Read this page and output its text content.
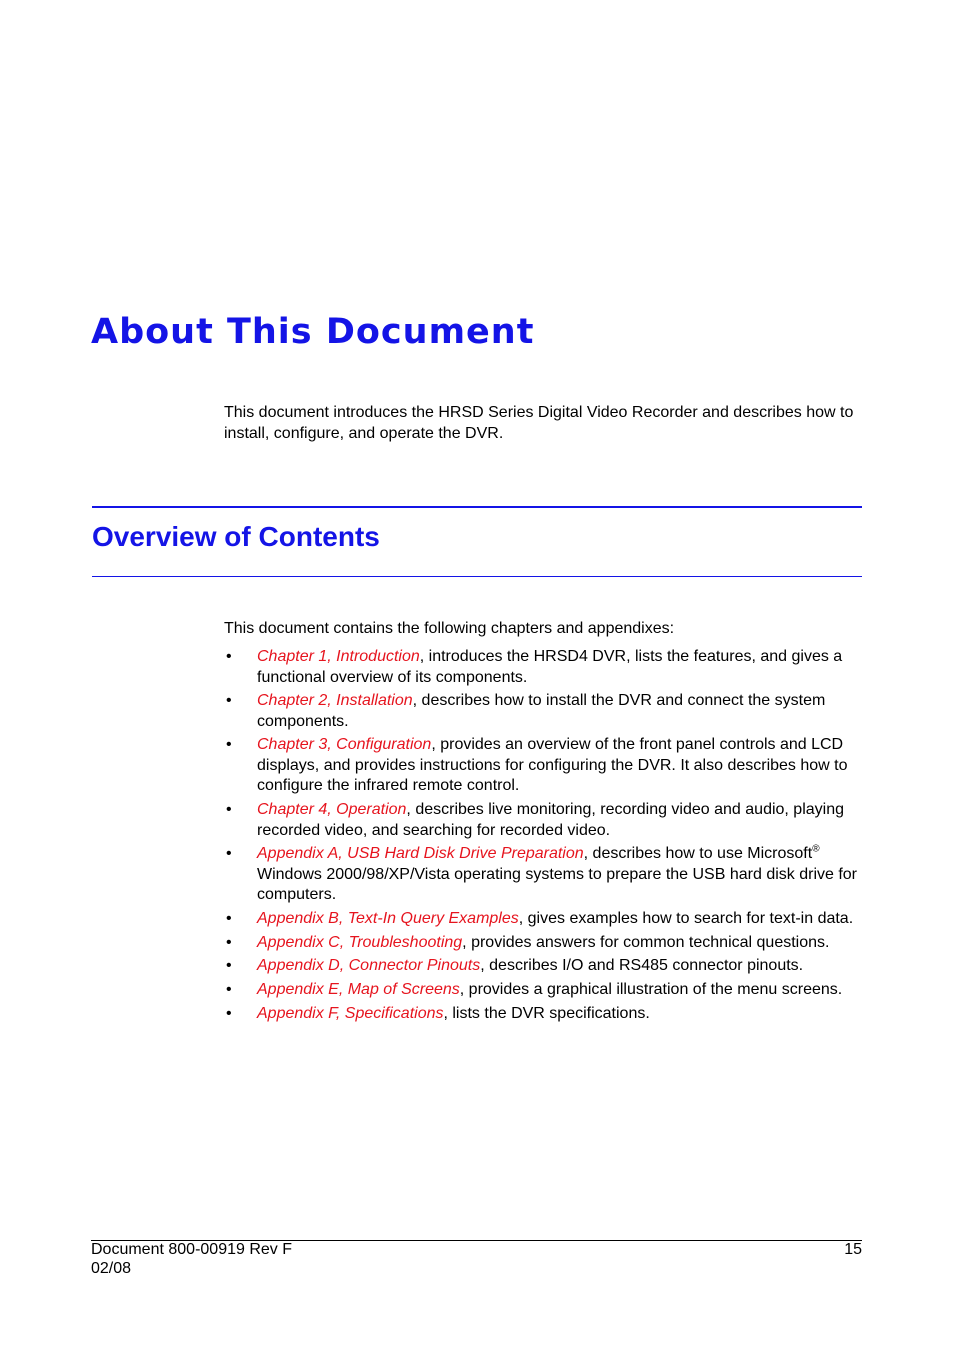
About This Document

This document introduces the HRSD Series Digital Video Recorder and describes how to install, configure, and operate the DVR.

Overview of Contents

This document contains the following chapters and appendixes:

• Chapter 1, Introduction, introduces the HRSD4 DVR, lists the features, and gives a functional overview of its components.
• Chapter 2, Installation, describes how to install the DVR and connect the system components.
• Chapter 3, Configuration, provides an overview of the front panel controls and LCD displays, and provides instructions for configuring the DVR. It also describes how to configure the infrared remote control.
• Chapter 4, Operation, describes live monitoring, recording video and audio, playing recorded video, and searching for recorded video.
• Appendix A, USB Hard Disk Drive Preparation, describes how to use Microsoft® Windows 2000/98/XP/Vista operating systems to prepare the USB hard disk drive for computers.
• Appendix B, Text-In Query Examples, gives examples how to search for text-in data.
• Appendix C, Troubleshooting, provides answers for common technical questions.
• Appendix D, Connector Pinouts, describes I/O and RS485 connector pinouts.
• Appendix E, Map of Screens, provides a graphical illustration of the menu screens.
• Appendix F, Specifications, lists the DVR specifications.
Document 800-00919 Rev F
02/08
15
